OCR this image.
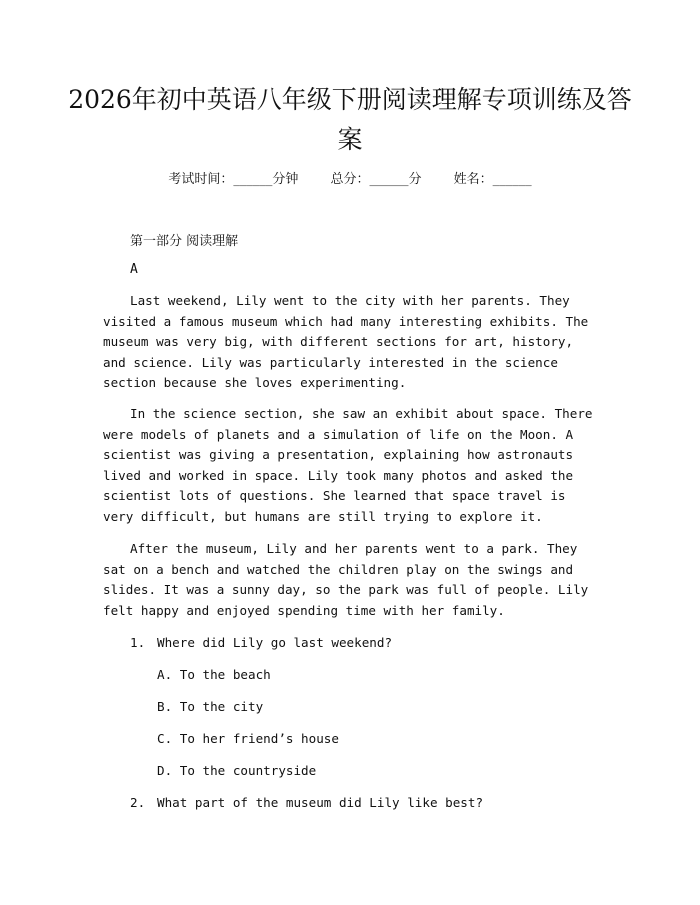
2026年初中英语八年级下册阅读理解专项训练及答案
考试时间：______分钟 总分：______分 姓名：______
第一部分 阅读理解
A
Last weekend, Lily went to the city with her parents. They visited a famous museum which had many interesting exhibits. The museum was very big, with different sections for art, history, and science. Lily was particularly interested in the science section because she loves experimenting.
In the science section, she saw an exhibit about space. There were models of planets and a simulation of life on the Moon. A scientist was giving a presentation, explaining how astronauts lived and worked in space. Lily took many photos and asked the scientist lots of questions. She learned that space travel is very difficult, but humans are still trying to explore it.
After the museum, Lily and her parents went to a park. They sat on a bench and watched the children play on the swings and slides. It was a sunny day, so the park was full of people. Lily felt happy and enjoyed spending time with her family.
1. Where did Lily go last weekend?
A. To the beach
B. To the city
C. To her friend’s house
D. To the countryside
2. What part of the museum did Lily like best?
